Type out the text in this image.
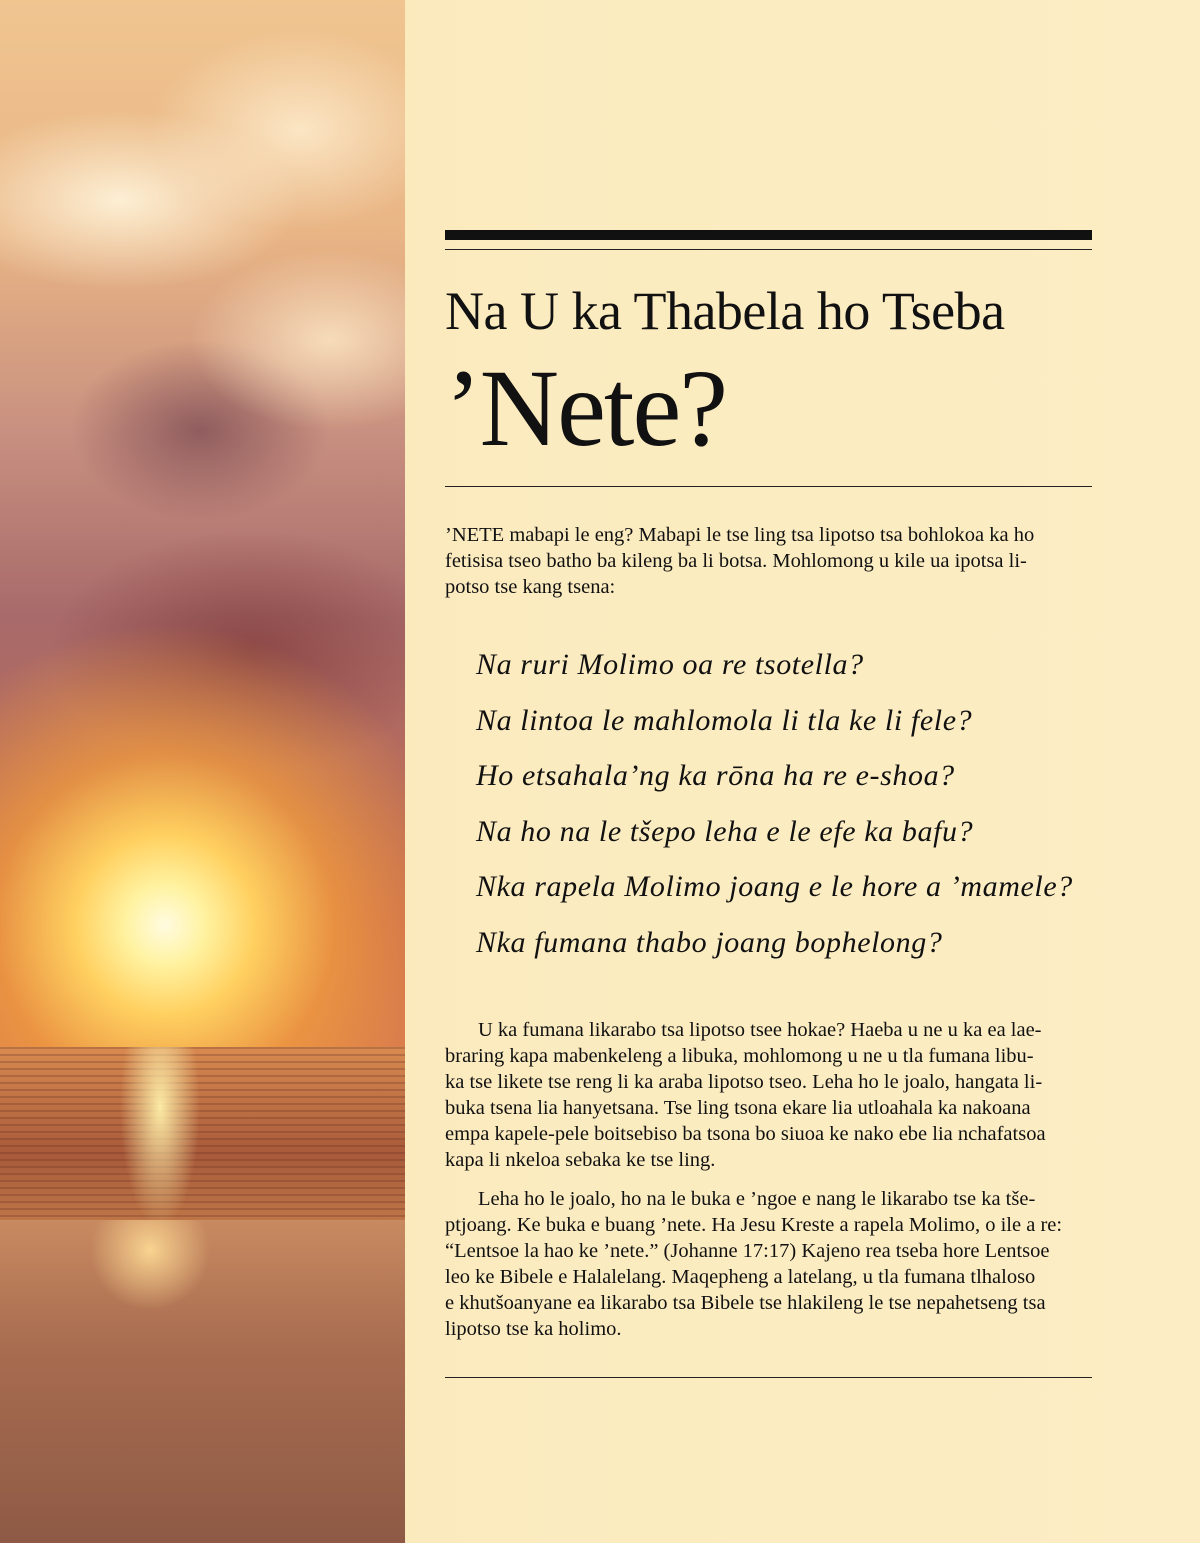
Na U ka Thabela ho Tseba
’Nete?
’NETE mabapi le eng? Mabapi le tse ling tsa lipotso tsa bohlokoa ka ho
fetisisa tseo batho ba kileng ba li botsa. Mohlomong u kile ua ipotsa li-
potso tse kang tsena:
Na ruri Molimo oa re tsotella?
Na lintoa le mahlomola li tla ke li fele?
Ho etsahala’ng ka rōna ha re e-shoa?
Na ho na le tšepo leha e le efe ka bafu?
Nka rapela Molimo joang e le hore a ’mamele?
Nka fumana thabo joang bophelong?
U ka fumana likarabo tsa lipotso tsee hokae? Haeba u ne u ka ea lae-
braring kapa mabenkeleng a libuka, mohlomong u ne u tla fumana libu-
ka tse likete tse reng li ka araba lipotso tseo. Leha ho le joalo, hangata li-
buka tsena lia hanyetsana. Tse ling tsona ekare lia utloahala ka nakoana
empa kapele-pele boitsebiso ba tsona bo siuoa ke nako ebe lia nchafatsoa
kapa li nkeloa sebaka ke tse ling.
Leha ho le joalo, ho na le buka e ’ngoe e nang le likarabo tse ka tše-
ptjoang. Ke buka e buang ’nete. Ha Jesu Kreste a rapela Molimo, o ile a re:
“Lentsoe la hao ke ’nete.” (Johanne 17:17) Kajeno rea tseba hore Lentsoe
leo ke Bibele e Halalelang. Maqepheng a latelang, u tla fumana tlhaloso
e khutšoanyane ea likarabo tsa Bibele tse hlakileng le tse nepahetseng tsa
lipotso tse ka holimo.
